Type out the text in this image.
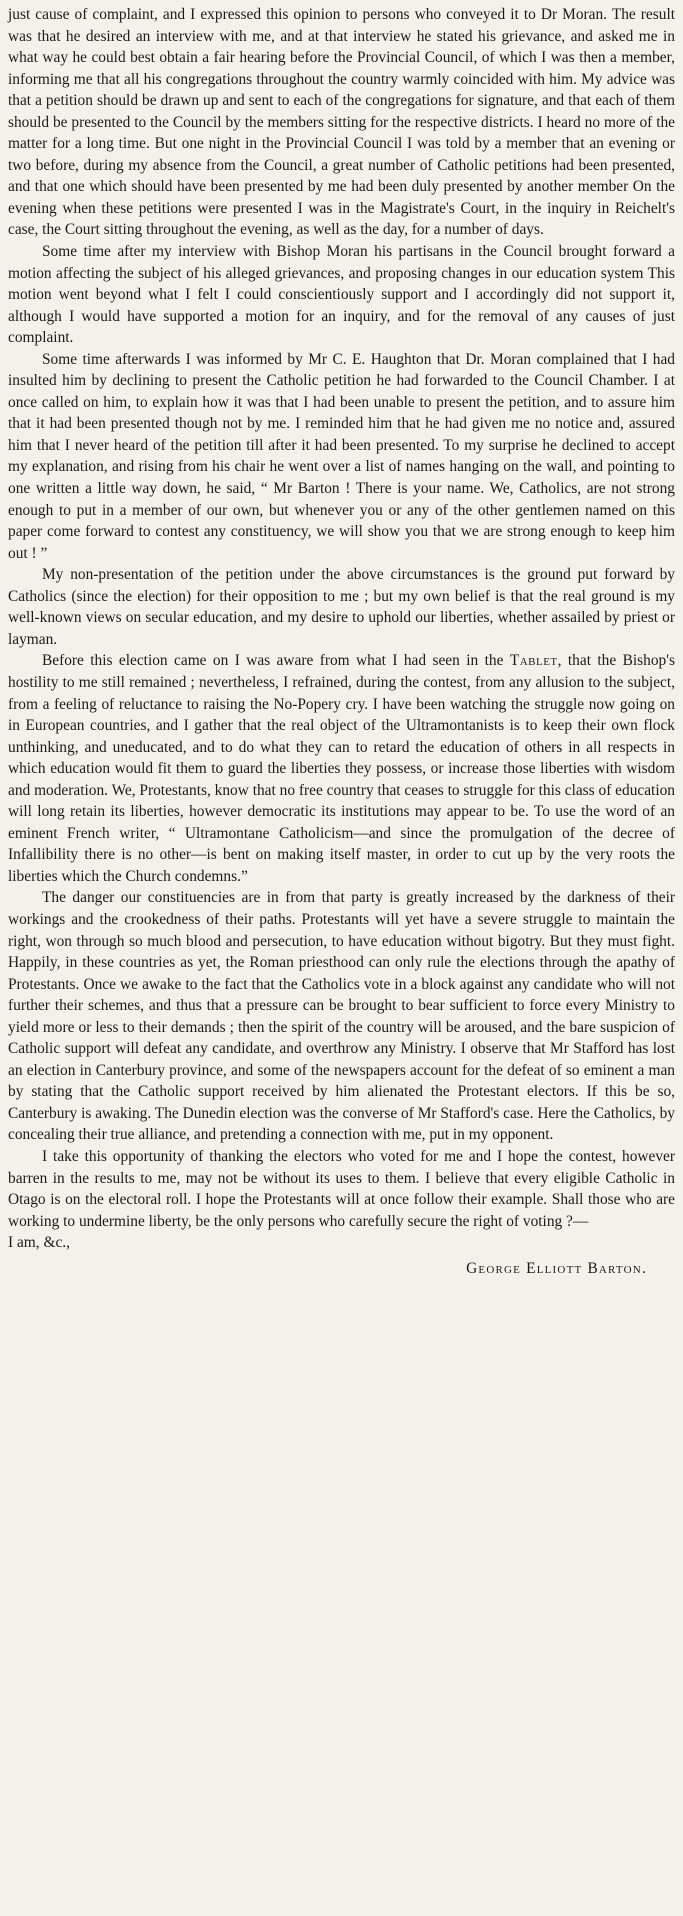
just cause of complaint, and I expressed this opinion to persons who conveyed it to Dr Moran. The result was that he desired an interview with me, and at that interview he stated his grievance, and asked me in what way he could best obtain a fair hearing before the Provincial Council, of which I was then a member, informing me that all his congregations throughout the country warmly coincided with him. My advice was that a petition should be drawn up and sent to each of the congregations for signature, and that each of them should be presented to the Council by the members sitting for the respective districts. I heard no more of the matter for a long time. But one night in the Provincial Council I was told by a member that an evening or two before, during my absence from the Council, a great number of Catholic petitions had been presented, and that one which should have been presented by me had been duly presented by another member On the evening when these petitions were presented I was in the Magistrate's Court, in the inquiry in Reichelt's case, the Court sitting throughout the evening, as well as the day, for a number of days.

Some time after my interview with Bishop Moran his partisans in the Council brought forward a motion affecting the subject of his alleged grievances, and proposing changes in our education system This motion went beyond what I felt I could conscientiously support and I accordingly did not support it, although I would have supported a motion for an inquiry, and for the removal of any causes of just complaint.

Some time afterwards I was informed by Mr C. E. Haughton that Dr. Moran complained that I had insulted him by declining to present the Catholic petition he had forwarded to the Council Chamber. I at once called on him, to explain how it was that I had been unable to present the petition, and to assure him that it had been presented though not by me. I reminded him that he had given me no notice and, assured him that I never heard of the petition till after it had been presented. To my surprise he declined to accept my explanation, and rising from his chair he went over a list of names hanging on the wall, and pointing to one written a little way down, he said, “ Mr Barton ! There is your name. We, Catholics, are not strong enough to put in a member of our own, but whenever you or any of the other gentlemen named on this paper come forward to contest any constituency, we will show you that we are strong enough to keep him out ! ”

My non-presentation of the petition under the above circumstances is the ground put forward by Catholics (since the election) for their opposition to me ; but my own belief is that the real ground is my well-known views on secular education, and my desire to uphold our liberties, whether assailed by priest or layman.

Before this election came on I was aware from what I had seen in the Tablet, that the Bishop's hostility to me still remained ; nevertheless, I refrained, during the contest, from any allusion to the subject, from a feeling of reluctance to raising the No-Popery cry. I have been watching the struggle now going on in European countries, and I gather that the real object of the Ultramontanists is to keep their own flock unthinking, and uneducated, and to do what they can to retard the education of others in all respects in which education would fit them to guard the liberties they possess, or increase those liberties with wisdom and moderation. We, Protestants, know that no free country that ceases to struggle for this class of education will long retain its liberties, however democratic its institutions may appear to be. To use the word of an eminent French writer, “ Ultramontane Catholicism—and since the promulgation of the decree of Infallibility there is no other—is bent on making itself master, in order to cut up by the very roots the liberties which the Church condemns.”

The danger our constituencies are in from that party is greatly increased by the darkness of their workings and the crookedness of their paths. Protestants will yet have a severe struggle to maintain the right, won through so much blood and persecution, to have education without bigotry. But they must fight. Happily, in these countries as yet, the Roman priesthood can only rule the elections through the apathy of Protestants. Once we awake to the fact that the Catholics vote in a block against any candidate who will not further their schemes, and thus that a pressure can be brought to bear sufficient to force every Ministry to yield more or less to their demands ; then the spirit of the country will be aroused, and the bare suspicion of Catholic support will defeat any candidate, and overthrow any Ministry. I observe that Mr Stafford has lost an election in Canterbury province, and some of the newspapers account for the defeat of so eminent a man by stating that the Catholic support received by him alienated the Protestant electors. If this be so, Canterbury is awaking. The Dunedin election was the converse of Mr Stafford's case. Here the Catholics, by concealing their true alliance, and pretending a connection with me, put in my opponent.

I take this opportunity of thanking the electors who voted for me and I hope the contest, however barren in the results to me, may not be without its uses to them. I believe that every eligible Catholic in Otago is on the electoral roll. I hope the Protestants will at once follow their example. Shall those who are working to undermine liberty, be the only persons who carefully secure the right of voting ?—

I am, &c.,

George Elliott Barton.
